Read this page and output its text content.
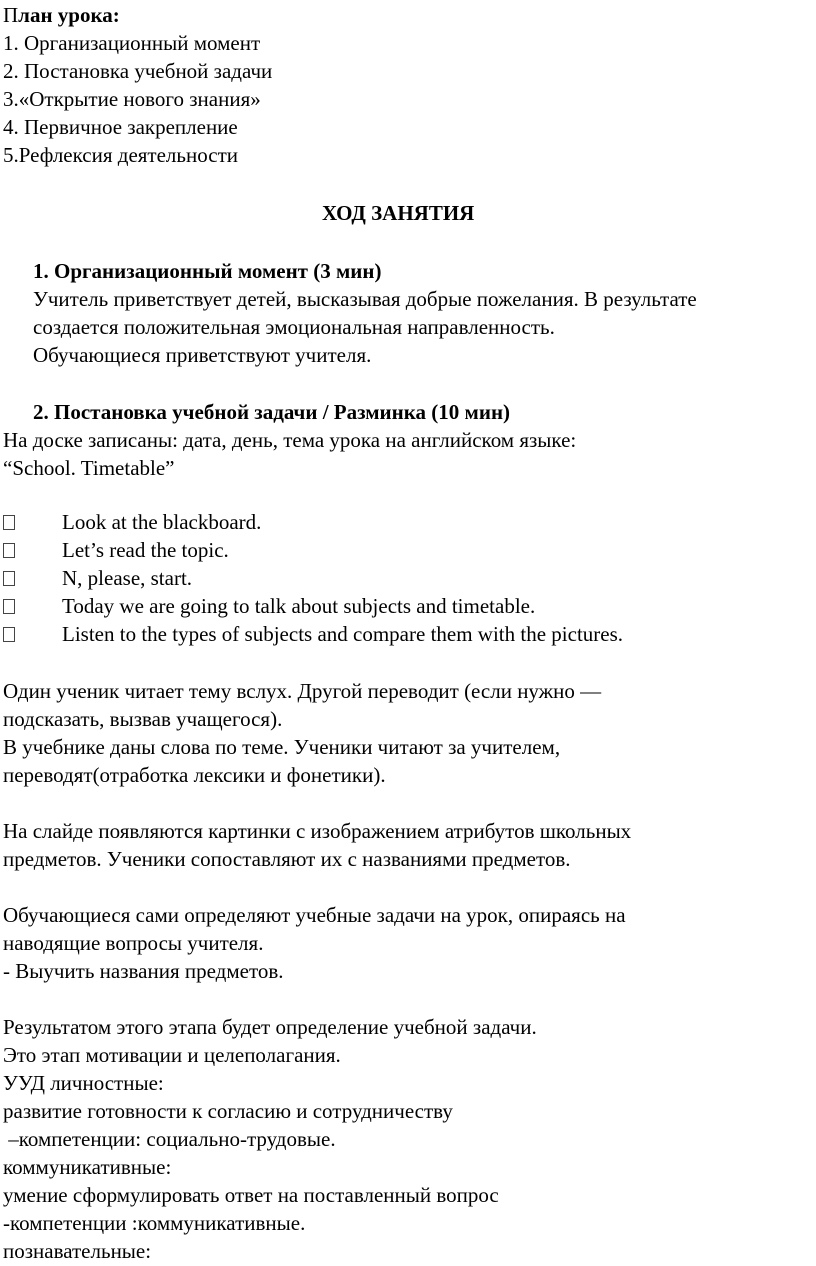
План урока:
1. Организационный момент
2. Постановка учебной задачи
3.«Открытие нового знания»
4. Первичное закрепление
5.Рефлексия деятельности
ХОД ЗАНЯТИЯ
1. Организационный момент (3 мин)
Учитель приветствует детей, высказывая добрые пожелания. В результате
создается положительная эмоциональная направленность.
Обучающиеся приветствуют учителя.
2. Постановка учебной задачи / Разминка (10 мин)
На доске записаны: дата, день, тема урока на английском языке:
“School. Timetable”
Look at the blackboard.
Let’s read the topic.
N, please, start.
Today we are going to talk about subjects and timetable.
Listen to the types of subjects and compare them with the pictures.
Один ученик читает тему вслух. Другой переводит (если нужно —
подсказать, вызвав учащегося).
В учебнике даны слова по теме. Ученики читают за учителем,
переводят(отработка лексики и фонетики).
На слайде появляются картинки с изображением атрибутов школьных
предметов. Ученики сопоставляют их с названиями предметов.
Обучающиеся сами определяют учебные задачи на урок, опираясь на
наводящие вопросы учителя.
- Выучить названия предметов.
Результатом этого этапа будет определение учебной задачи.
Это этап мотивации и целеполагания.
УУД личностные:
развитие готовности к согласию и сотрудничеству
–компетенции: социально-трудовые.
коммуникативные:
умение сформулировать ответ на поставленный вопрос
-компетенции :коммуникативные.
познавательные:
